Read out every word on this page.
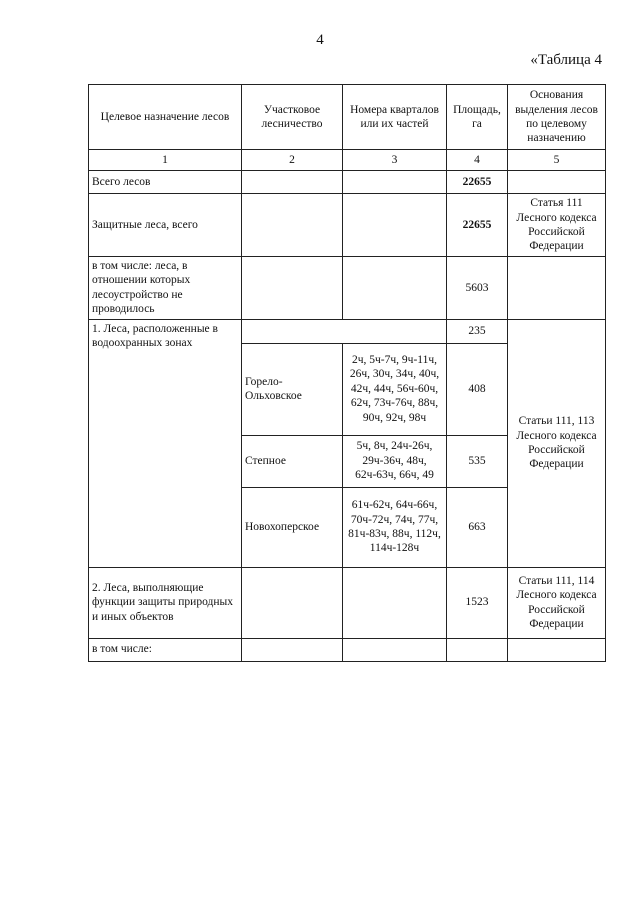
4
«Таблица 4
Целевое назначение лесов	Участковое лесничество	Номера кварталов или их частей	Площадь, га	Основания выделения лесов по целевому назначению
1	2	3	4	5
Всего лесов			22655	
Защитные леса, всего			22655	Статья 111 Лесного кодекса Российской Федерации
в том числе: леса, в отношении которых лесоустройство не проводилось			5603	
1. Леса, расположенные в водоохранных зонах			235	Статьи 111, 113 Лесного кодекса Российской Федерации
	Горело-Ольховское	2ч, 5ч-7ч, 9ч-11ч, 26ч, 30ч, 34ч, 40ч, 42ч, 44ч, 56ч-60ч, 62ч, 73ч-76ч, 88ч, 90ч, 92ч, 98ч	408	
	Степное	5ч, 8ч, 24ч-26ч, 29ч-36ч, 48ч, 62ч-63ч, 66ч, 49	535	
	Новохоперское	61ч-62ч, 64ч-66ч, 70ч-72ч, 74ч, 77ч, 81ч-83ч, 88ч, 112ч, 114ч-128ч	663	
2. Леса, выполняющие функции защиты природных и иных объектов			1523	Статьи 111, 114 Лесного кодекса Российской Федерации
в том числе:				
